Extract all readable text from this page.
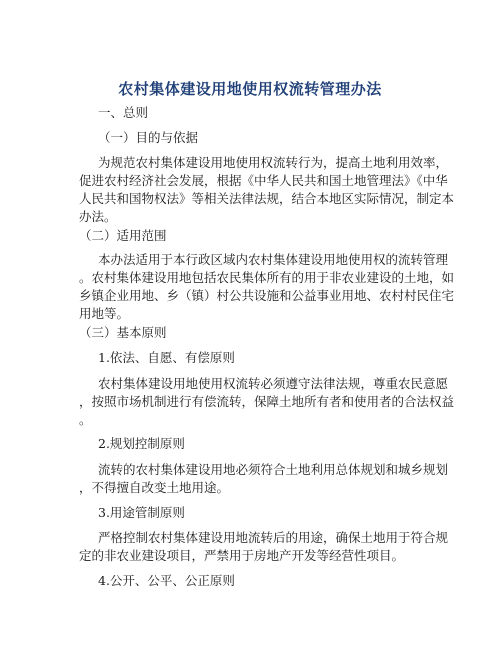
农村集体建设用地使用权流转管理办法
一、总则
（一）目的与依据
为规范农村集体建设用地使用权流转行为，提高土地利用效率，
促进农村经济社会发展，根据《中华人民共和国土地管理法》《中华
人民共和国物权法》等相关法律法规，结合本地区实际情况，制定本
办法。
（二）适用范围
本办法适用于本行政区域内农村集体建设用地使用权的流转管理
。农村集体建设用地包括农民集体所有的用于非农业建设的土地，如
乡镇企业用地、乡（镇）村公共设施和公益事业用地、农村村民住宅
用地等。
（三）基本原则
1.依法、自愿、有偿原则
农村集体建设用地使用权流转必须遵守法律法规，尊重农民意愿
，按照市场机制进行有偿流转，保障土地所有者和使用者的合法权益
。
2.规划控制原则
流转的农村集体建设用地必须符合土地利用总体规划和城乡规划
，不得擅自改变土地用途。
3.用途管制原则
严格控制农村集体建设用地流转后的用途，确保土地用于符合规
定的非农业建设项目，严禁用于房地产开发等经营性项目。
4.公开、公平、公正原则
